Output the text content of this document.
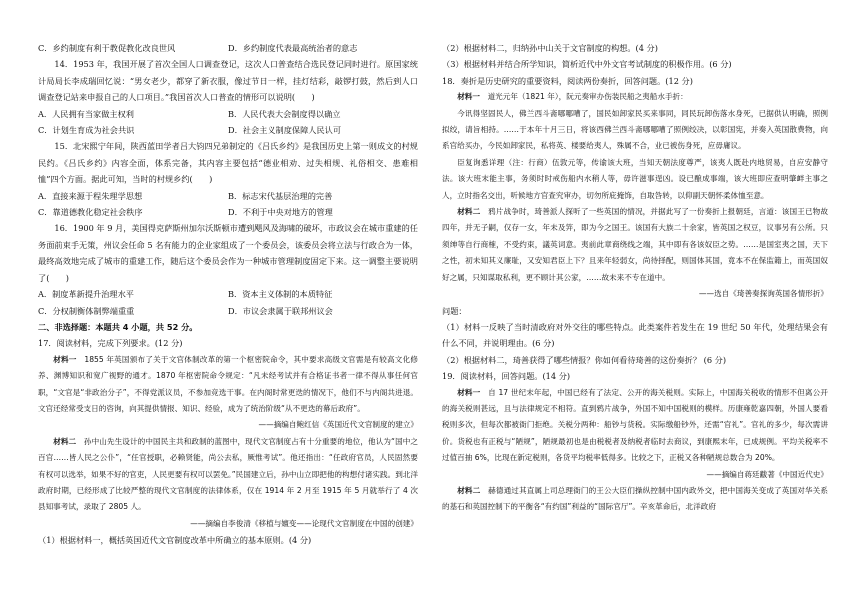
C．乡约制度有利于教促教化改良世风	D．乡约制度代表最高统治者的意志

14．1953 年，我国开展了首次全国人口调查登记，这次人口普查结合选民登记同时进行。原国家统计局局长李成瑞回忆说：“男女老少，都穿了新衣服，像过节日一样，挂灯结彩，敲锣打鼓，然后到人口调查登记站来申报自己的人口项目。”我国首次人口普查的情形可以说明(　　)

A．人民拥有当家做主权利	B．人民代表大会制度得以确立
C．计划生育成为社会共识	D．社会主义制度保障人民认可

15．北宋熙宁年间，陕西蓝田学者吕大钧四兄弟制定的《吕氏乡约》是我国历史上第一则成文的村规民约。《吕氏乡约》内容全面，体系完备，其内容主要包括“德业相劝、过失相规、礼俗相交、患难相恤”四个方面。据此可知，当时的村规乡约(　　)

A．直接来源于程朱理学思想	B．标志宋代基层治理的完善
C．靠道德教化稳定社会秩序	D．不利于中央对地方的管理

16．1900 年 9 月，美国得克萨斯州加尔沃斯顿市遭到飓风及海啸的破坏，市政议会在城市重建的任务面前束手无策，州议会任命 5 名有能力的企业家组成了一个委员会，该委员会将立法与行政合为一体，最终高效地完成了城市的重建工作，随后这个委员会作为一种城市管理制度固定下来。这一调整主要说明了(　　)

A．制度革新提升治理水平	B．资本主义体制的本质特征
C．分权制衡体制弊端重重	D．市议会隶属于联邦州议会

二、非选择题：本题共 4 小题，共 52 分。

17．阅读材料，完成下列要求。(12 分)

材料一　 1855 年英国颁布了关于文官体制改革的第一个枢密院命令，其中要求高级文官需是有较高文化修养、渊博知识和宽广视野的通才。1870 年枢密院命令规定：“凡未经考试并有合格证书者一律不得从事任何官职，“文官是“非政治分子”，不得党派议员，不参加竞选干事。在内阁时常更迭的情况下，他们不与内阁共进退。文官还经常受支日的咨询，向其提供情报、知识、经验，成为了统治阶级“从不更迭的幕后政府”。

——摘编自鲍红信《英国近代文官制度的建立》

材料二　 孙中山先生设计的中国民主共和政制的蓝图中，现代文官制度占有十分重要的地位，他认为“国中之百官……皆人民之公仆”，“任官授职，必赖贤能，尚公去私，厥惟考试”。他还指出：“任政府官员，人民固然要有权可以选举，如果不好的官吏，人民更要有权可以罢免。”民国建立后，孙中山立即把他的构想付诸实践。到北洋政府时期，已经形成了比较严整的现代文官制度的法律体系，仅在 1914 年 2 月至 1915 年 5 月就举行了 4 次县知事考试，录取了 2805 人。

——摘编自李俊清《移植与嬗变——论现代文官制度在中国的创建》

（1）根据材料一，概括英国近代文官制度改革中所确立的基本原则。(4 分)

（2）根据材料二，归纳孙中山关于文官制度的构想。(4 分)

（3）根据材料并结合所学知识，简析近代中外文官考试制度的积极作用。(6 分)

18．奏折是历史研究的重要资料，阅读两份奏折，回答问题。(12 分)

材料一　 道光元年（1821 年），阮元奏审办伤装民船之夷船水手折：

今讯得坚固民人，佛兰西斗斋哪哪嘈了，国民如卸家民买来事同，同民玩卸伤落水身死，已据供认明确，照例拟绞，请旨相持。……于本年十月三日，将该西佛兰西斗斋哪哪嘈了照例绞决，以彰国宪，并奏入英国散费物，向系官给买办，今民如卸家民，私将英、楼要给夷人，殊属不合，业已被伤身死，应毋庸议。

臣复询悉详理（注：行商）伍敦元等，传谕该大班，当知天朝法度尊严，该夷人既赴内地贸易，自应安静守法。该大班末能主事，务须时时戒伤船内水稍人等，毋许滋事逞凶。设已酿成事端，该大班即应查明肇衅主事之人，立时指名交出，听候地方官查究审办，切勿所庇掩饰，自取咎转，以仰副天朝怀柔体恤至意。

材料二　 鸦片战争时，琦善派人探听了一些英国的情况，并据此写了一份奏折上报朝廷，言道：该国王已物故四年，并无子嗣，仅存一女，年未及笄，即为今之国王。该国有大族二十余家，皆英国之权豆，议事另有公所。只须绅等自行商榷，不受约束，議英词意。夷前此章商绕线之端，其中即有各该奴臣之势。……是国室夷之国，天下之性，初未知其义廉耻，又安知君臣上下？且来年轻弱女，尚待择配，则国体其国，竟本不在保监籍上，而英国奴好之属，只知谋取私利，更不顾计其公家，……故未来不专在道中。

——选自《琦善奏探询英国各情形折》

问题：

（1）材料一反映了当时清政府对外交往的哪些特点。此类案件若发生在 19 世纪 50 年代，处理结果会有什么不同，并说明理由。(6 分)

（2）根据材料二，琦善获得了哪些情报？你如何看待琦善的这份奏折？ (6 分)

19．阅读材料，回答问题。(14 分)

材料一　 自 17 世纪末年起，中国已经有了法定、公开的海关税则。实际上，中国海关税收的情形不但离公开的海关税则甚远，且与法律规定不相符。直到鸦片战争，外国不知中国税则的模样。历康雍乾嘉四朝，外国人要看税则多次，但每次都被衙门拒绝。关税分两种：船钞与货税。实际缴船钞外，还需“官礼”。官礼的多少，每次需讲价。货税也有正税与“陋规”，陋规最初也是由税税者及纳税者临时去商议，到康熙末年，已成规例。平均关税率不过值百抽 6%，比现在新定税则，各货平均税率低得多。比较之下，正税又各种陋规总数合为 20%。

——摘编自蒋廷黻著《中国近代史》

材料二　 赫德通过其直属上司总理衙门的王公大臣们操纵控制中国内政外交，把中国海关变成了英国对华关系的基石和英国控制下的平衡各“有约国”利益的“国际官厅”。辛亥革命后，北洋政府
